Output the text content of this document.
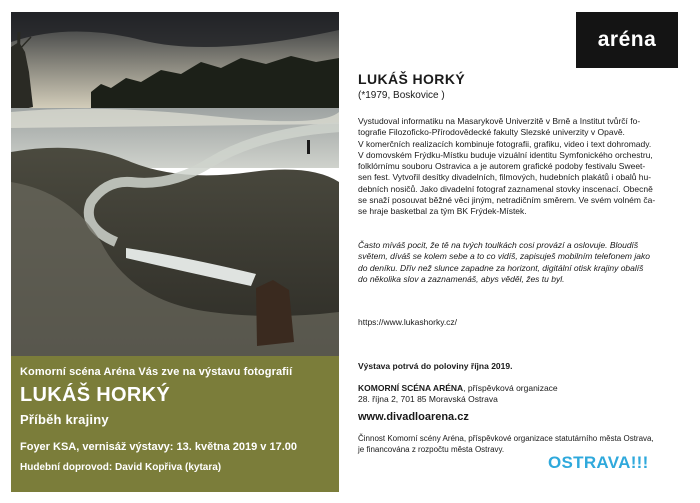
Komorní scéna Aréna Vás zve na výstavu fotografií
LUKÁŠ HORKÝ
Příběh krajiny
Foyer KSA, vernisáž výstavy: 13. května 2019 v 17.00
Hudební doprovod: David Kopřiva (kytara)
aréna
LUKÁŠ HORKÝ
(*1979, Boskovice )
Vystudoval informatiku na Masarykově Univerzitě v Brně a Institut tvůrčí fo-
tografie Filozoficko-Přírodovědecké fakulty Slezské univerzity v Opavě.
V komerčních realizacích kombinuje fotografii, grafiku, video i text dohromady.
V domovském Frýdku-Místku buduje vizuální identitu Symfonického orchestru,
folklórnímu souboru Ostravica a je autorem grafické podoby festivalu Sweet-
sen fest. Vytvořil desítky divadelních, filmových, hudebních plakátů i obalů hu-
debních nosičů. Jako divadelní fotograf zaznamenal stovky inscenací. Obecně
se snaží posouvat běžné věci jiným, netradičním směrem. Ve svém volném ča-
se hraje basketbal za tým BK Frýdek-Místek.
Často míváš pocit, že tě na tvých toulkách cosi provází a oslovuje. Bloudíš
světem, díváš se kolem sebe a to co vidíš, zapisuješ mobilním telefonem jako
do deníku. Dřív než slunce zapadne za horizont, digitální otisk krajiny obalíš
do několika slov a zaznamenáš, abys věděl, žes tu byl.
https://www.lukashorky.cz/
Výstava potrvá do poloviny října 2019.
KOMORNÍ SCÉNA ARÉNA, příspěvková organizace
28. října 2, 701 85 Moravská Ostrava
www.divadloarena.cz
Činnost Komorní scény Aréna, příspěvkové organizace statutárního města Ostrava,
je financována z rozpočtu města Ostravy.
OSTRAVA!!!
